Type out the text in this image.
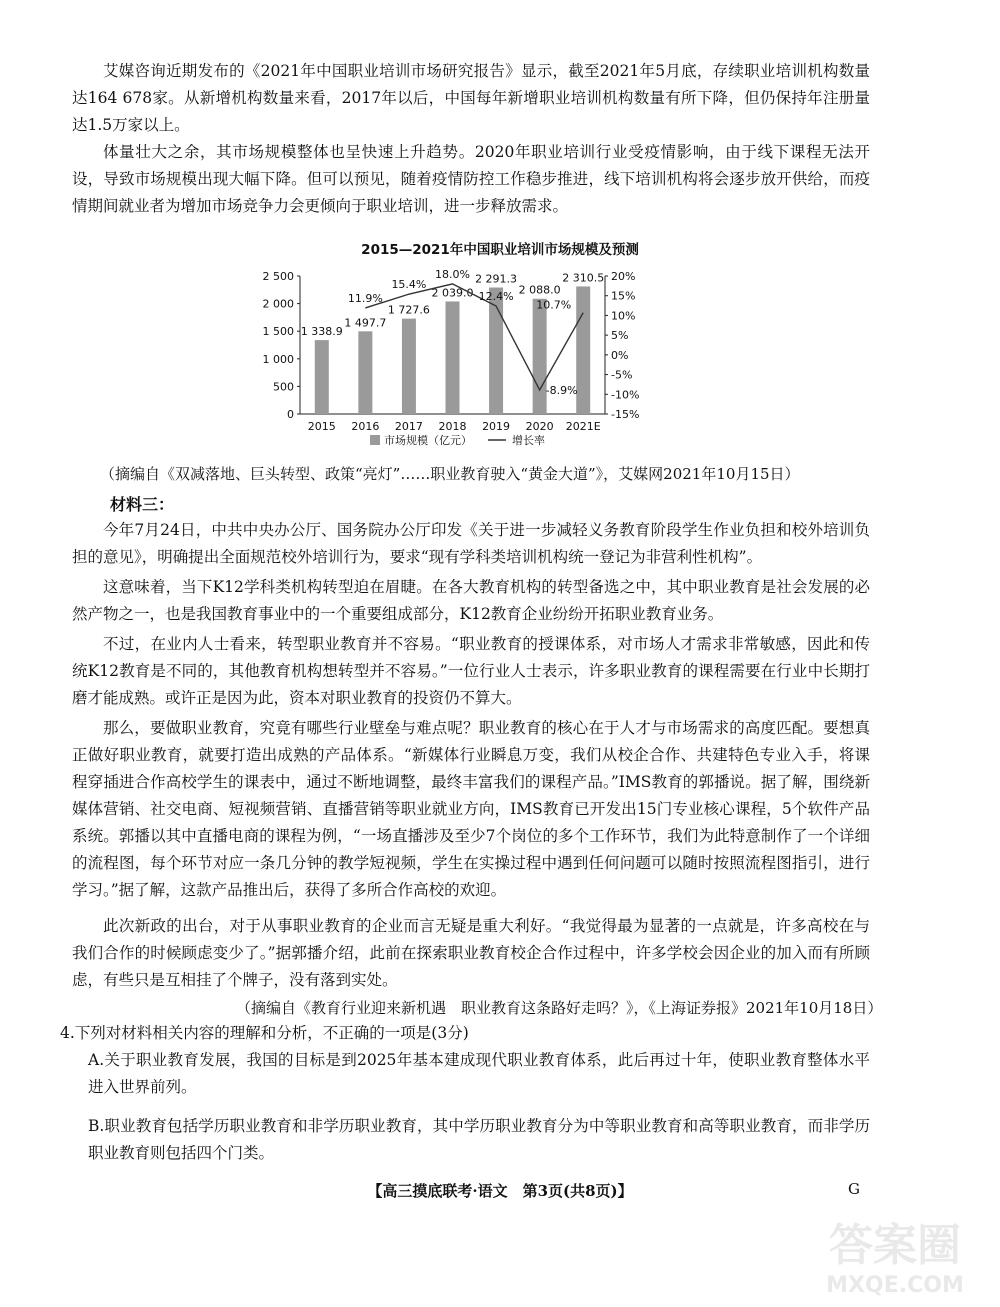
艾媒咨询近期发布的《2021年中国职业培训市场研究报告》显示，截至2021年5月底，存续职业培训机构数量达164 678家。从新增机构数量来看，2017年以后，中国每年新增职业培训机构数量有所下降，但仍保持年注册量达1.5万家以上。

体量壮大之余，其市场规模整体也呈快速上升趋势。2020年职业培训行业受疫情影响，由于线下课程无法开设，导致市场规模出现大幅下降。但可以预见，随着疫情防控工作稳步推进，线下培训机构将会逐步放开供给，而疫情期间就业者为增加市场竞争力会更倾向于职业培训，进一步释放需求。

2015—2021年中国职业培训市场规模及预测
0
500
1 000
1 500
2 000
2 500
-15%
-10%
-5%
0%
5%
10%
15%
20%
1 338.9
2015
1 497.7
2016
1 727.6
2017
2 039.0
2018
2 291.3
2019
2 088.0
2020
2 310.5
2021E
11.9%
15.4%
18.0%
12.4%
-8.9%
10.7%
市场规模（亿元）	增长率
（摘编自《双减落地、巨头转型、政策“亮灯”……职业教育驶入“黄金大道”》，艾媒网2021年10月15日）
材料三：

今年7月24日，中共中央办公厅、国务院办公厅印发《关于进一步减轻义务教育阶段学生作业负担和校外培训负担的意见》，明确提出全面规范校外培训行为，要求“现有学科类培训机构统一登记为非营利性机构”。

这意味着，当下K12学科类机构转型迫在眉睫。在各大教育机构的转型备选之中，其中职业教育是社会发展的必然产物之一，也是我国教育事业中的一个重要组成部分，K12教育企业纷纷开拓职业教育业务。

不过，在业内人士看来，转型职业教育并不容易。“职业教育的授课体系，对市场人才需求非常敏感，因此和传统K12教育是不同的，其他教育机构想转型并不容易。”一位行业人士表示，许多职业教育的课程需要在行业中长期打磨才能成熟。或许正是因为此，资本对职业教育的投资仍不算大。

那么，要做职业教育，究竟有哪些行业壁垒与难点呢？职业教育的核心在于人才与市场需求的高度匹配。要想真正做好职业教育，就要打造出成熟的产品体系。“新媒体行业瞬息万变，我们从校企合作、共建特色专业入手，将课程穿插进合作高校学生的课表中，通过不断地调整，最终丰富我们的课程产品。”IMS教育的郭播说。据了解，围绕新媒体营销、社交电商、短视频营销、直播营销等职业就业方向，IMS教育已开发出15门专业核心课程，5个软件产品系统。郭播以其中直播电商的课程为例，“一场直播涉及至少7个岗位的多个工作环节，我们为此特意制作了一个详细的流程图，每个环节对应一条几分钟的教学短视频，学生在实操过程中遇到任何问题可以随时按照流程图指引，进行学习。”据了解，这款产品推出后，获得了多所合作高校的欢迎。

此次新政的出台，对于从事职业教育的企业而言无疑是重大利好。“我觉得最为显著的一点就是，许多高校在与我们合作的时候顾虑变少了。”据郭播介绍，此前在探索职业教育校企合作过程中，许多学校会因企业的加入而有所顾虑，有些只是互相挂了个牌子，没有落到实处。

（摘编自《教育行业迎来新机遇　职业教育这条路好走吗？》，《上海证券报》2021年10月18日）
4.下列对材料相关内容的理解和分析，不正确的一项是(3分)
A.关于职业教育发展，我国的目标是到2025年基本建成现代职业教育体系，此后再过十年，使职业教育整体水平进入世界前列。
B.职业教育包括学历职业教育和非学历职业教育，其中学历职业教育分为中等职业教育和高等职业教育，而非学历职业教育则包括四个门类。
【高三摸底联考·语文　第3页(共8页)】	G
答案圈
MXQE.COM
